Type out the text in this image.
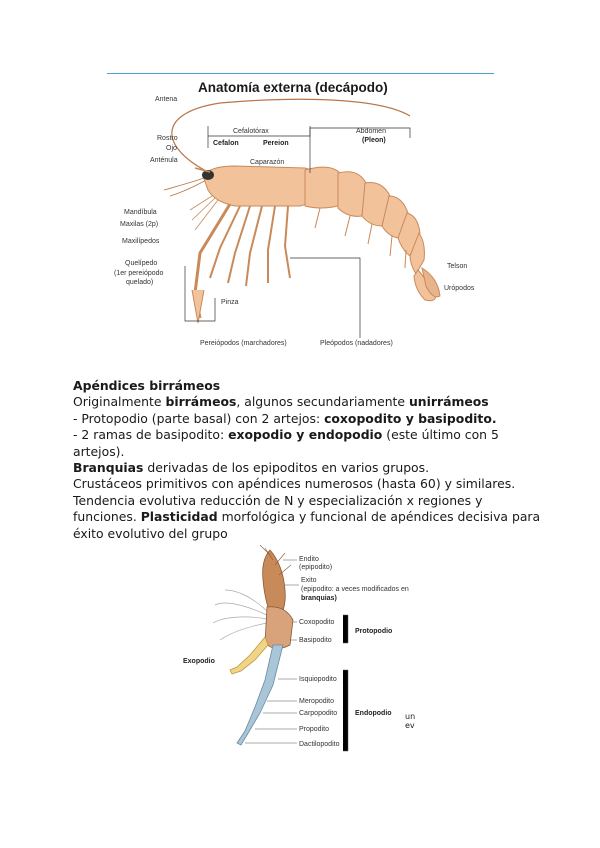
Anatomía externa (decápodo)
Antena
Rostro
Ojo
Anténula
Cefalotórax
Cefalon	Pereion
Caparazón
Abdomen
(Pleon)
Mandíbula
Maxilas (2p)
Maxilípedos
Quelípedo
(1er pereiópodo
quelado)
Pinza
Telson
Urópodos
Pereiópodos (marchadores)	Pleópodos (nadadores)

Apéndices birrámeos

Originalmente birrámeos, algunos secundariamente unirrámeos

- Protopodio (parte basal) con 2 artejos: coxopodito y basipodito.

- 2 ramas de basipodito: exopodio y endopodio (este último con 5 artejos).

Branquias derivadas de los epipoditos en varios grupos.

Crustáceos primitivos con apéndices numerosos (hasta 60) y similares.

Tendencia evolutiva reducción de N y especialización x regiones y funciones. Plasticidad morfológica y funcional de apéndices decisiva para éxito evolutivo del grupo

Endito
(epipodito)
Exito
(epipodito: a veces modificados en
branquias)
Coxopodito
Basipodito
Protopodio
Exopodio
Isquiopodito
Meropodito
Carpopodito	Endopodio
Propodito
Dactilopodito
un
ev
